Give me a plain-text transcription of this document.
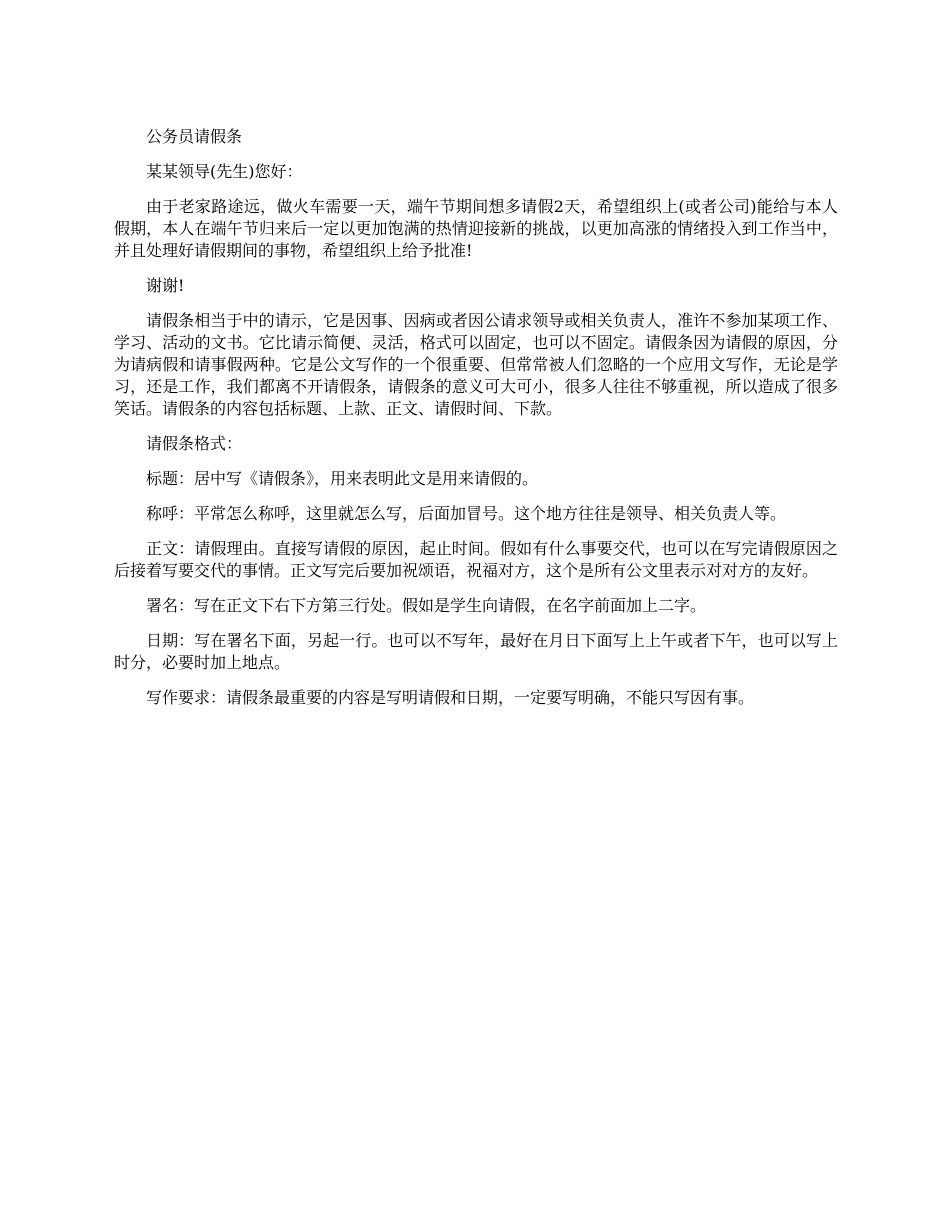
公务员请假条

某某领导(先生)您好：

由于老家路途远，做火车需要一天，端午节期间想多请假2天，希望组织上(或者公司)能给与本人假期，本人在端午节归来后一定以更加饱满的热情迎接新的挑战，以更加高涨的情绪投入到工作当中，并且处理好请假期间的事物，希望组织上给予批准!

谢谢!

请假条相当于中的请示，它是因事、因病或者因公请求领导或相关负责人，准许不参加某项工作、学习、活动的文书。它比请示简便、灵活，格式可以固定，也可以不固定。请假条因为请假的原因，分为请病假和请事假两种。它是公文写作的一个很重要、但常常被人们忽略的一个应用文写作，无论是学习，还是工作，我们都离不开请假条，请假条的意义可大可小，很多人往往不够重视，所以造成了很多笑话。请假条的内容包括标题、上款、正文、请假时间、下款。

请假条格式：

标题：居中写《请假条》，用来表明此文是用来请假的。

称呼：平常怎么称呼，这里就怎么写，后面加冒号。这个地方往往是领导、相关负责人等。

正文：请假理由。直接写请假的原因，起止时间。假如有什么事要交代，也可以在写完请假原因之后接着写要交代的事情。正文写完后要加祝颂语，祝福对方，这个是所有公文里表示对对方的友好。

署名：写在正文下右下方第三行处。假如是学生向请假，在名字前面加上二字。

日期：写在署名下面，另起一行。也可以不写年，最好在月日下面写上上午或者下午，也可以写上时分，必要时加上地点。

写作要求：请假条最重要的内容是写明请假和日期，一定要写明确，不能只写因有事。
